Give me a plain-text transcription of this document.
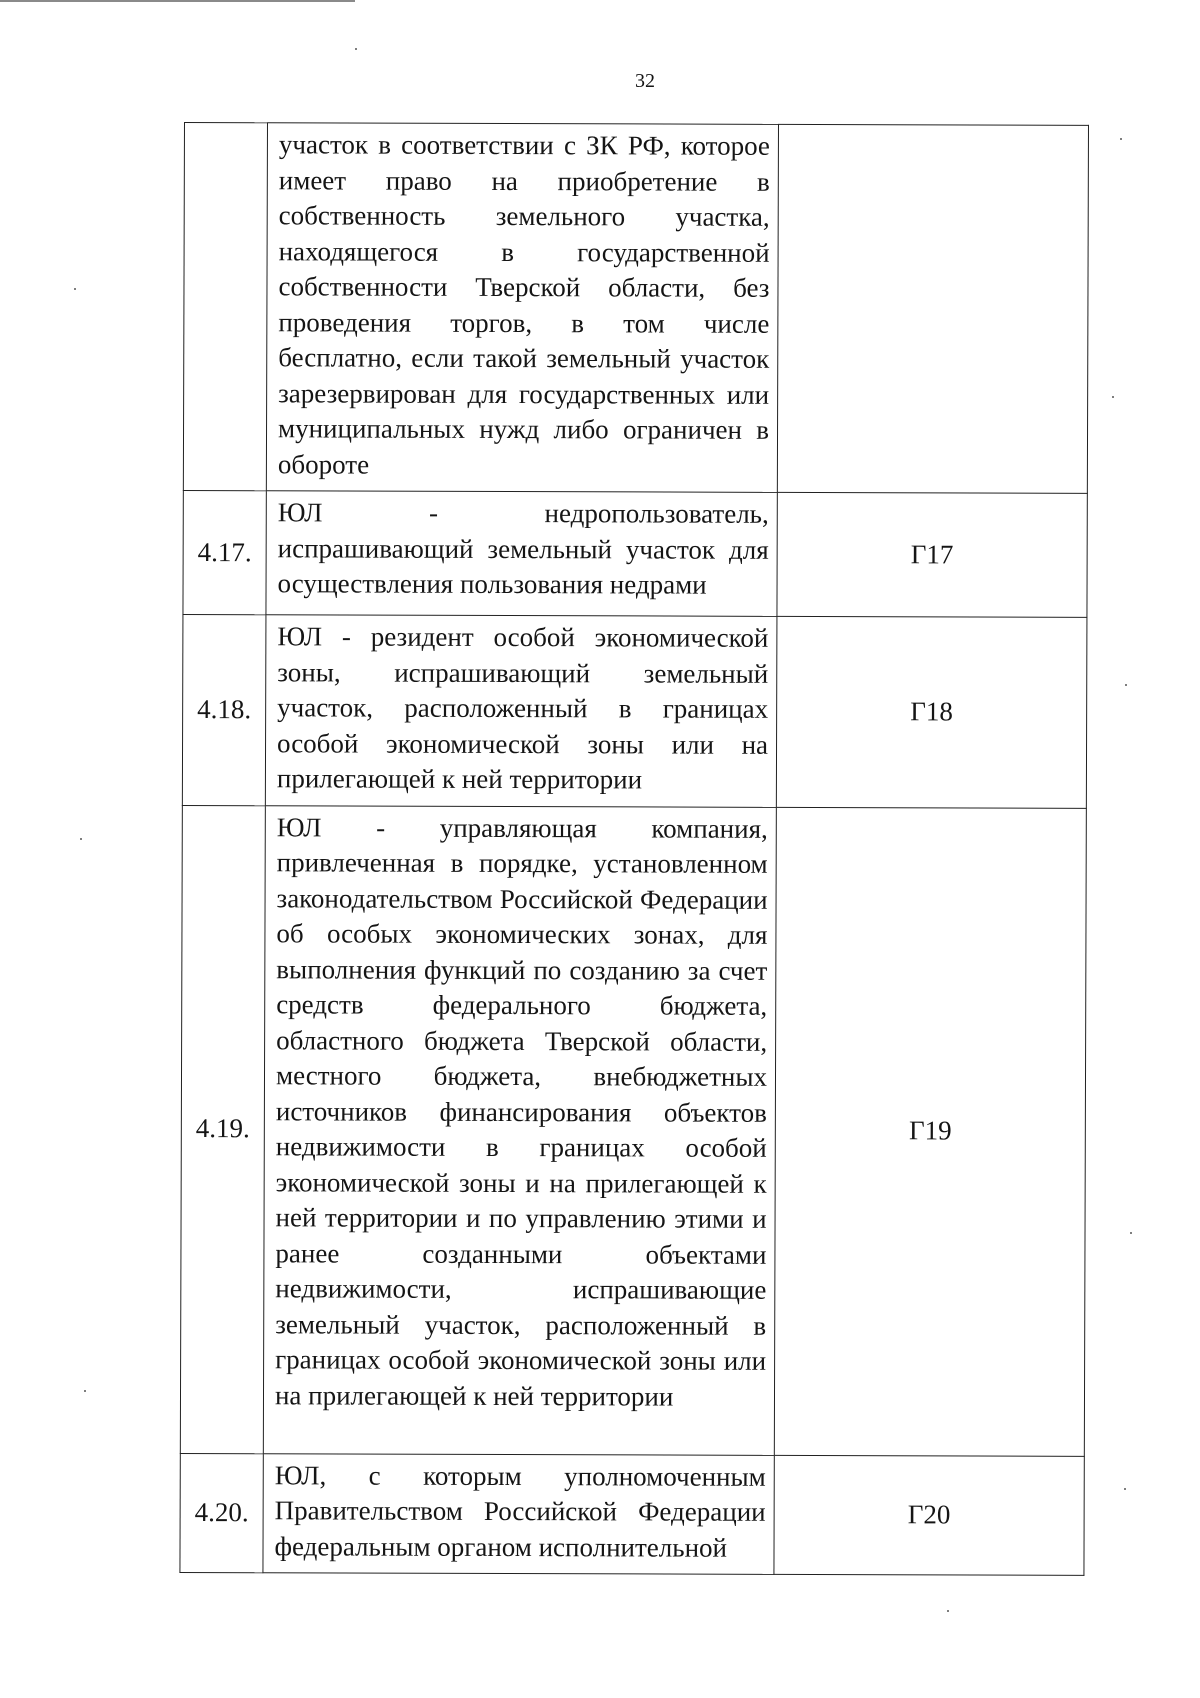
32
	участок в соответствии с ЗК РФ, которое имеет право на приобретение в собственность земельного участка, находящегося в государственной собственности Тверской области, без проведения торгов, в том числе бесплатно, если такой земельный участок зарезервирован для государственных или муниципальных нужд либо ограничен в обороте	
4.17.	ЮЛ - недропользователь, испрашивающий земельный участок для осуществления пользования недрами	Г17
4.18.	ЮЛ - резидент особой экономической зоны, испрашивающий земельный участок, расположенный в границах особой экономической зоны или на прилегающей к ней территории	Г18
4.19.	ЮЛ - управляющая компания, привлеченная в порядке, установленном законодательством Российской Федерации об особых экономических зонах, для выполнения функций по созданию за счет средств федерального бюджета, областного бюджета Тверской области, местного бюджета, внебюджетных источников финансирования объектов недвижимости в границах особой экономической зоны и на прилегающей к ней территории и по управлению этими и ранее созданными объектами недвижимости, испрашивающие земельный участок, расположенный в границах особой экономической зоны или на прилегающей к ней территории	Г19
4.20.	ЮЛ, с которым уполномоченным Правительством Российской Федерации федеральным органом исполнительной	Г20
